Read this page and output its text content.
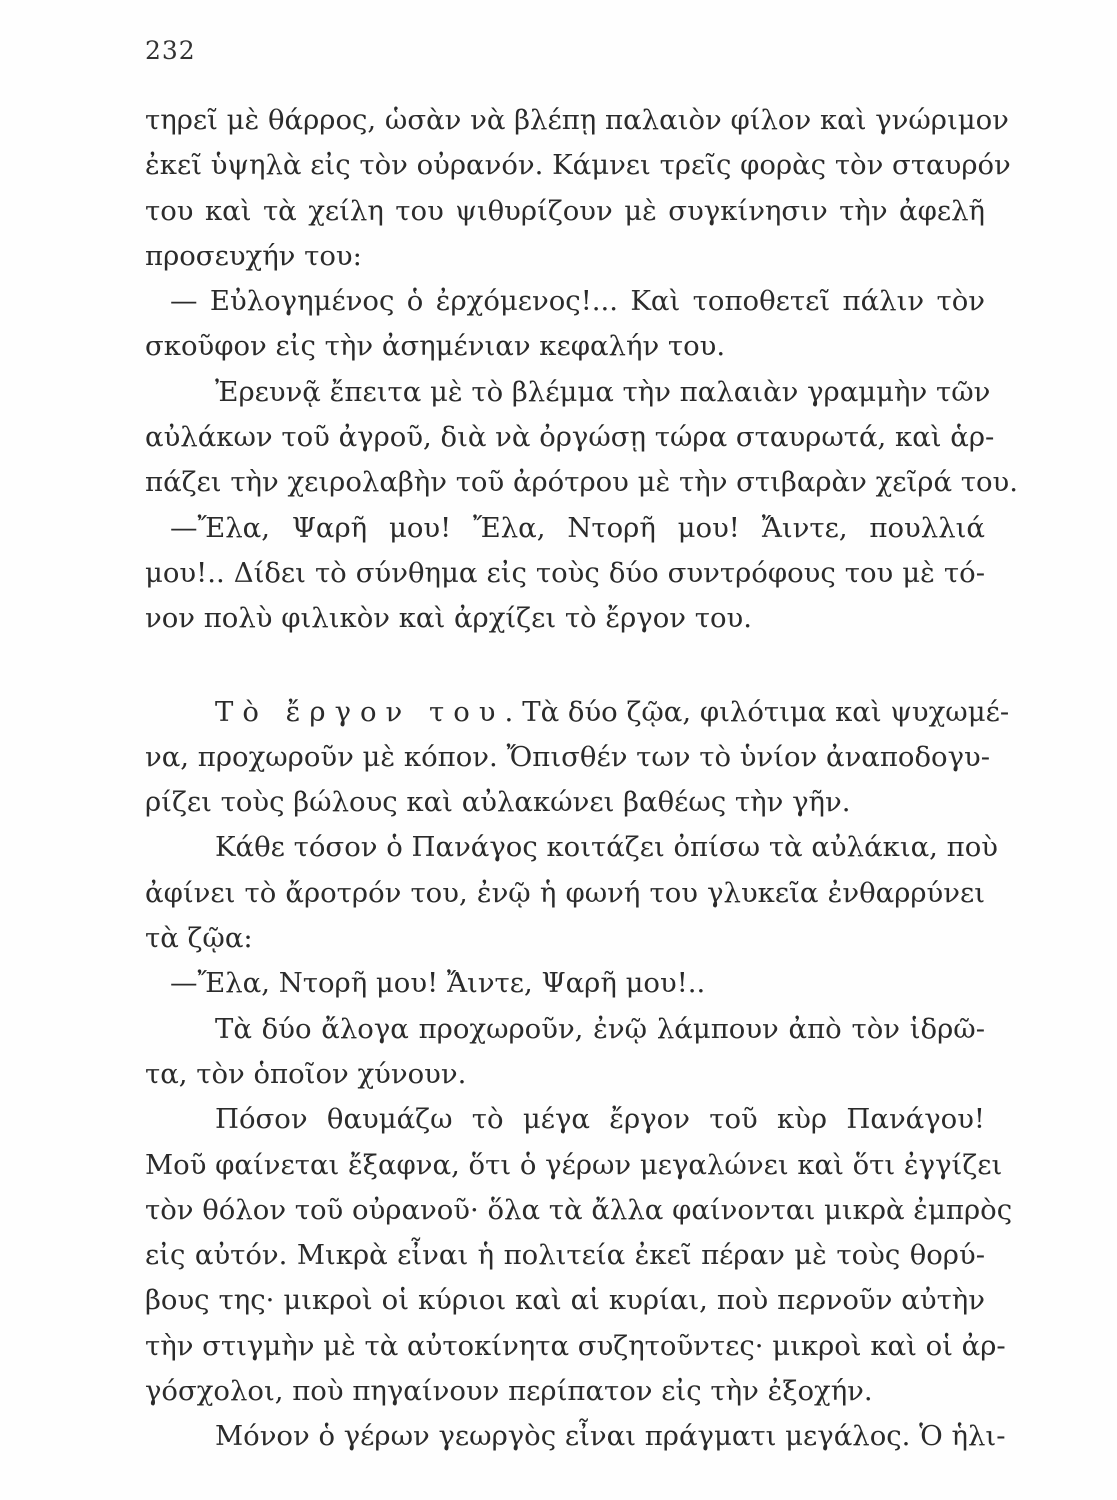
232
τηρεῖ μὲ θάρρος, ὡσὰν νὰ βλέπῃ παλαιὸν φίλον καὶ γνώριμον
ἐκεῖ ὑψηλὰ εἰς τὸν οὐρανόν. Κάμνει τρεῖς φορὰς τὸν σταυρόν
του καὶ τὰ χείλη του ψιθυρίζουν μὲ συγκίνησιν τὴν ἀφελῆ
προσευχήν του:
— Εὐλογημένος ὁ ἐρχόμενος!... Καὶ τοποθετεῖ πάλιν τὸν
σκοῦφον εἰς τὴν ἀσημένιαν κεφαλήν του.
Ἐρευνᾷ ἔπειτα μὲ τὸ βλέμμα τὴν παλαιὰν γραμμὴν τῶν
αὐλάκων τοῦ ἀγροῦ, διὰ νὰ ὀργώσῃ τώρα σταυρωτά, καὶ ἁρ-
πάζει τὴν χειρολαβὴν τοῦ ἀρότρου μὲ τὴν στιβαρὰν χεῖρά του.
—Ἔλα, Ψαρῆ μου! Ἔλα, Ντορῆ μου! Ἄιντε, πουλλιά
μου!.. Δίδει τὸ σύνθημα εἰς τοὺς δύο συντρόφους του μὲ τό-
νον πολὺ φιλικὸν καὶ ἀρχίζει τὸ ἔργον του.
Τὸ ἔργον του. Τὰ δύο ζῷα, φιλότιμα καὶ ψυχωμέ-
να, προχωροῦν μὲ κόπον. Ὄπισθέν των τὸ ὑνίον ἀναποδογυ-
ρίζει τοὺς βώλους καὶ αὐλακώνει βαθέως τὴν γῆν.
Κάθε τόσον ὁ Πανάγος κοιτάζει ὀπίσω τὰ αὐλάκια, ποὺ
ἀφίνει τὸ ἄροτρόν του, ἐνῷ ἡ φωνή του γλυκεῖα ἐνθαρρύνει
τὰ ζῷα:
—Ἔλα, Ντορῆ μου! Ἄιντε, Ψαρῆ μου!..
Τὰ δύο ἄλογα προχωροῦν, ἐνῷ λάμπουν ἀπὸ τὸν ἱδρῶ-
τα, τὸν ὁποῖον χύνουν.
Πόσον θαυμάζω τὸ μέγα ἔργον τοῦ κὺρ Πανάγου!
Μοῦ φαίνεται ἔξαφνα, ὅτι ὁ γέρων μεγαλώνει καὶ ὅτι ἐγγίζει
τὸν θόλον τοῦ οὐρανοῦ· ὅλα τὰ ἄλλα φαίνονται μικρὰ ἐμπρὸς
εἰς αὐτόν. Μικρὰ εἶναι ἡ πολιτεία ἐκεῖ πέραν μὲ τοὺς θορύ-
βους της· μικροὶ οἱ κύριοι καὶ αἱ κυρίαι, ποὺ περνοῦν αὐτὴν
τὴν στιγμὴν μὲ τὰ αὐτοκίνητα συζητοῦντες· μικροὶ καὶ οἱ ἀρ-
γόσχολοι, ποὺ πηγαίνουν περίπατον εἰς τὴν ἐξοχήν.
Μόνον ὁ γέρων γεωργὸς εἶναι πράγματι μεγάλος. Ὁ ἡλι-
